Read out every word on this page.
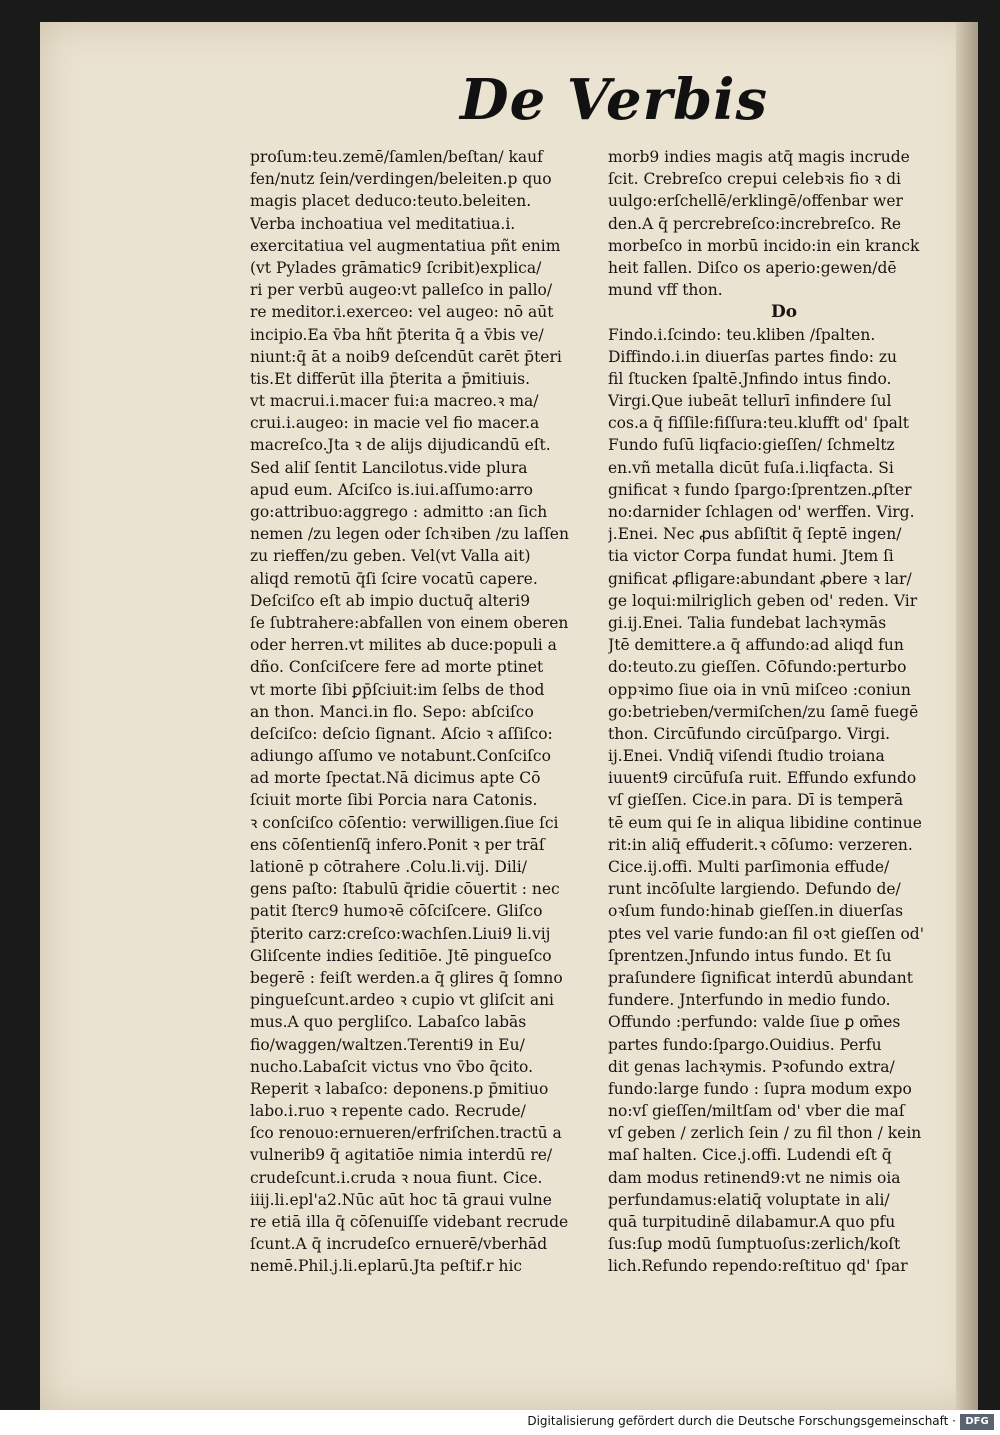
De Verbis
proſum:teu.zemē/ſamlen/beſtan/ kauf
fen/nutz ſein/verdingen/beleiten.p quo
magis placet deduco:teuto.beleiten.
Verba inchoatiua vel meditatiua.i.
exercitatiua vel augmentatiua pñt enim
(vt Pylades grāmatic9 ſcribit)explica/
ri per verbū augeo:vt palleſco in pallo/
re meditor.i.exerceo: vel augeo: nō aūt
incipio.Ea v̄ba hñt p̄terita q̄ a v̄bis ve/
niunt:q̄ āt a noib9 deſcendūt carēt p̄teri
tis.Et differūt illa p̄terita a p̄mitiuis.
vt macrui.i.macer fui:a macreo.ꝛ ma/
crui.i.augeo: in macie vel fio macer.a
macreſco.Jta ꝛ de alijs dijudicandū eſt.
Sed aliſ ſentit Lancilotus.vide plura
apud eum. Aſciſco is.iui.aſſumo:arro
go:attribuo:aggrego : admitto :an ſich
nemen /zu legen oder ſchꝛiben /zu laſſen
zu rieffen/zu geben. Vel(vt Valla ait)
aliqd remotū q̄ſi ſcire vocatū capere.
Deſciſco eſt ab impio ductuq̄ alteri9
ſe ſubtrahere:abfallen von einem oberen
oder herren.vt milites ab duce:populi a
dño. Conſciſcere fere ad morte ptinet
vt morte ſibi ꝑp̄ſciuit:im ſelbs de thod
an thon. Manci.in flo. Sepo: abſciſco
deſciſco: deſcio ſignant. Aſcio ꝛ aſſiſco:
adiungo aſſumo ve notabunt.Conſciſco
ad morte ſpectat.Nā dicimus apte Cō
ſciuit morte ſibi Porcia nara Catonis.
ꝛ conſciſco cōſentio: verwilligen.ſiue ſci
ens cōſentienſq̄ infero.Ponit ꝛ per trāſ
lationē p cōtrahere .Colu.li.vij. Dili/
gens paſto: ſtabulū q̄ridie cōuertit : nec
patit ſterc9 humoꝛē cōſciſcere. Gliſco
p̄terito carz:creſco:wachſen.Liui9 li.vij
Gliſcente indies ſeditiōe. Jtē pingueſco
begerē : feiſt werden.a q̄ glires q̄ ſomno
pingueſcunt.ardeo ꝛ cupio vt gliſcit ani
mus.A quo pergliſco. Labaſco labās
fio/waggen/waltzen.Terenti9 in Eu/
nucho.Labaſcit victus vno v̄bo q̄cito.
Reperit ꝛ labaſco: deponens.p p̄mitiuo
labo.i.ruo ꝛ repente cado. Recrude/
ſco renouo:ernueren/erfriſchen.tractū a
vulnerib9 q̄ agitatiōe nimia interdū re/
crudeſcunt.i.cruda ꝛ noua fiunt. Cice.
iiij.li.epl'a2.Nūc aūt hoc tā graui vulne
re etiā illa q̄ cōſenuiſſe videbant recrude
ſcunt.A q̄ incrudeſco ernuerē/vberhād
nemē.Phil.j.li.eplarū.Jta peſtif.r hic
morb9 indies magis atq̄ magis incrude
ſcit. Crebreſco crepui celebꝛis fio ꝛ di
uulgo:erſchellē/erklingē/offenbar wer
den.A q̄ percrebreſco:increbreſco. Re
morbeſco in morbū incido:in ein kranck
heit fallen. Diſco os aperio:gewen/dē
mund vff thon.
Do
Findo.i.ſcindo: teu.kliben /ſpalten.
Diffindo.i.in diuerſas partes findo: zu
fil ſtucken ſpaltē.Jnfindo intus findo.
Virgi.Que iubeāt tellurī infindere ſul
cos.a q̄ fiſſile:fiſſura:teu.klufft od' ſpalt
Fundo fuſū liqfacio:gieſſen/ ſchmeltz
en.vñ metalla dicūt fuſa.i.liqfacta. Si
gnificat ꝛ fundo ſpargo:ſprentzen.ꝓſter
no:darnider ſchlagen od' werffen. Virg.
j.Enei. Nec ꝓus abſiſtit q̄ ſeptē ingen/
tia victor Corpa fundat humi. Jtem ſi
gnificat ꝓfligare:abundant ꝓbere ꝛ lar/
ge loqui:milriglich geben od' reden. Vir
gi.ij.Enei. Talia fundebat lachꝛymās
Jtē demittere.a q̄ affundo:ad aliqd fun
do:teuto.zu gieſſen. Cōfundo:perturbo
oppꝛimo ſiue oia in vnū miſceo :coniun
go:betrieben/vermiſchen/zu ſamē fuegē
thon. Circūfundo circūſpargo. Virgi.
ij.Enei. Vndiq̄ viſendi ſtudio troiana
iuuent9 circūfuſa ruit. Effundo exfundo
vſ gieſſen. Cice.in para. Dī is temperā
tē eum qui ſe in aliqua libidine continue
rit:in aliq̄ effuderit.ꝛ cōſumo: verzeren.
Cice.ij.offi. Multi parſimonia effude/
runt incōſulte largiendo. Defundo de/
oꝛſum fundo:hinab gieſſen.in diuerſas
ptes vel varie fundo:an fil oꝛt gieſſen od'
ſprentzen.Jnfundo intus fundo. Et ſu
praſundere ſignificat interdū abundant
fundere. Jnterfundo in medio fundo.
Offundo :perfundo: valde ſiue ꝑ om̄es
partes fundo:ſpargo.Ouidius. Perfu
dit genas lachꝛymis. Pꝛofundo extra/
fundo:large fundo : ſupra modum expo
no:vſ gieſſen/miltſam od' vber die maſ
vſ geben / zerlich ſein / zu fil thon / kein
maſ halten. Cice.j.offi. Ludendi eſt q̄
dam modus retinend9:vt ne nimis oia
perfundamus:elatiq̄ voluptate in ali/
quā turpitudinē dilabamur.A quo pfu
ſus:ſuꝑ modū ſumptuoſus:zerlich/koſt
lich.Refundo rependo:reſtituo qd' ſpar
Digitalisierung gefördert durch die Deutsche Forschungsgemeinschaft · DFG
